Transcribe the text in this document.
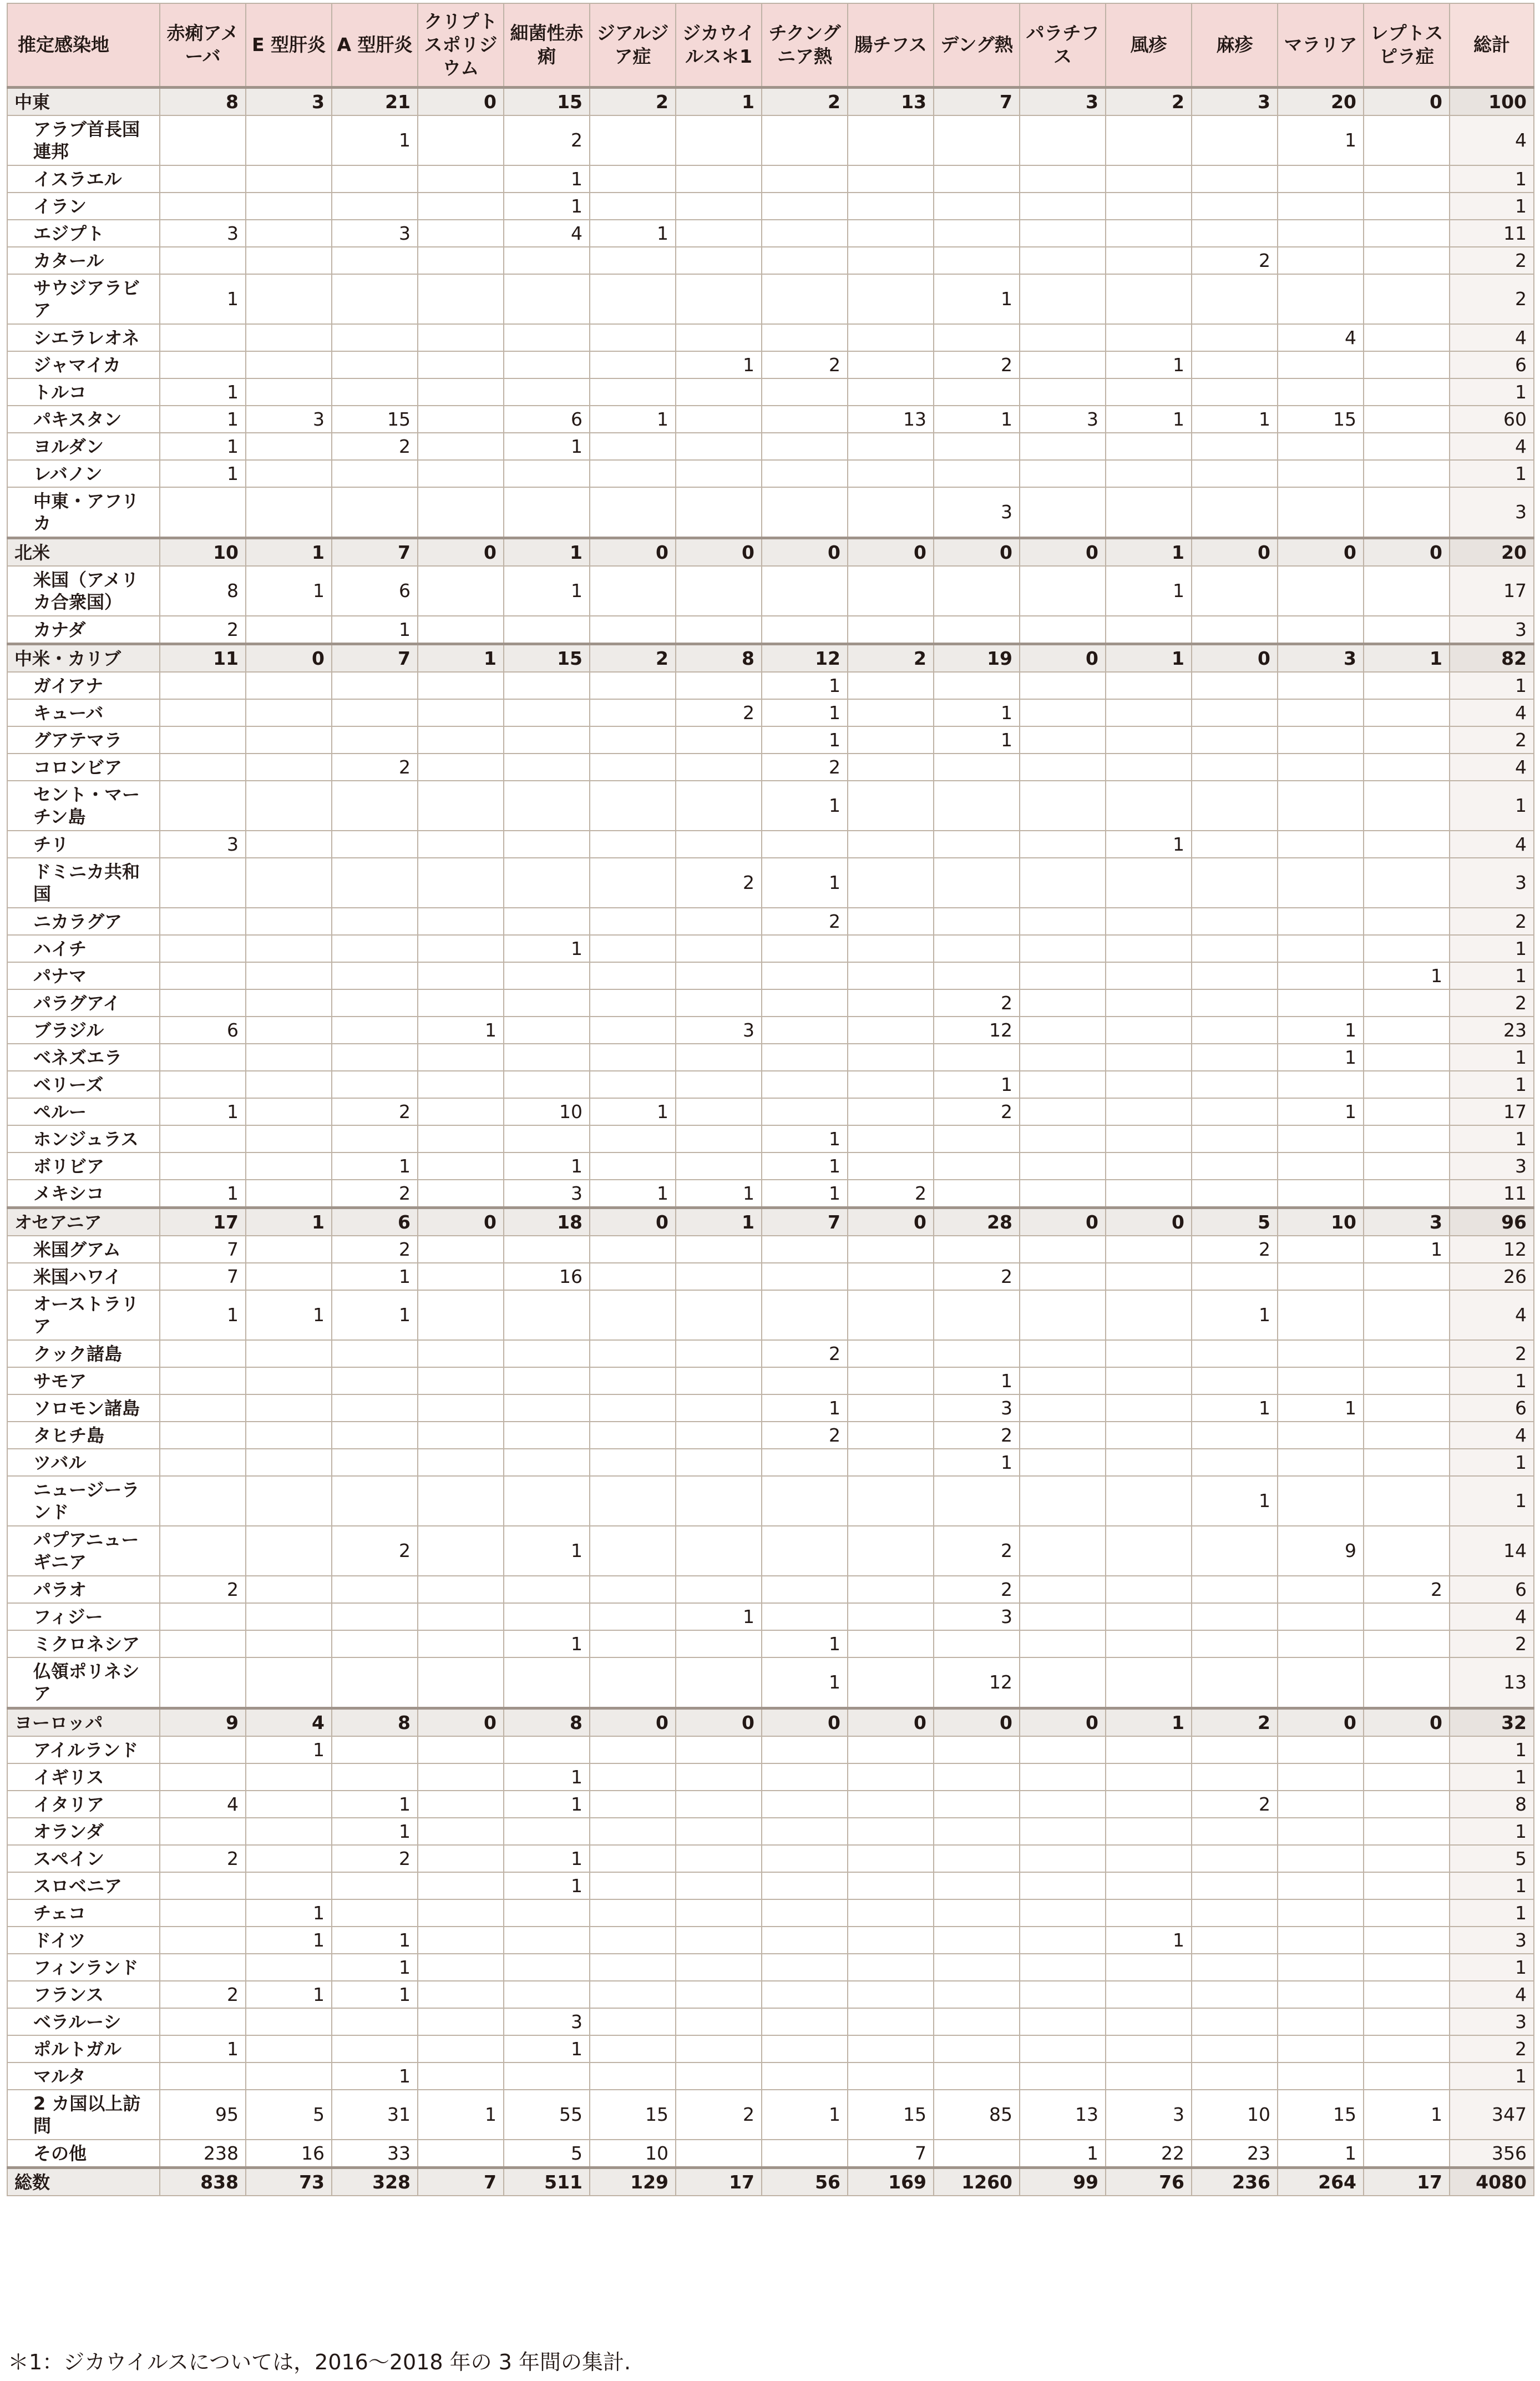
推定感染地	赤痢アメーバ	E 型肝炎	A 型肝炎	クリプトスポリジウム	細菌性赤痢	ジアルジア症	ジカウイルス＊1	チクングニア熱	腸チフス	デング熱	パラチフス	風疹	麻疹	マラリア	レプトスピラ症	総計
中東	8	3	21	0	15	2	1	2	13	7	3	2	3	20	0	100
アラブ首長国連邦			1		2									1		4
イスラエル					1											1
イラン					1											1
エジプト	3		3		4	1										11
カタール													2			2
サウジアラビア	1									1						2
シエラレオネ														4		4
ジャマイカ							1	2		2		1				6
トルコ	1															1
パキスタン	1	3	15		6	1			13	1	3	1	1	15		60
ヨルダン	1		2		1											4
レバノン	1															1
中東・アフリカ										3						3
北米	10	1	7	0	1	0	0	0	0	0	0	1	0	0	0	20
米国（アメリカ合衆国）	8	1	6		1							1				17
カナダ	2		1													3
中米・カリブ	11	0	7	1	15	2	8	12	2	19	0	1	0	3	1	82
ガイアナ								1								1
キューバ							2	1		1						4
グアテマラ								1		1						2
コロンビア			2					2								4
セント・マーチン島								1								1
チリ	3											1				4
ドミニカ共和国							2	1								3
ニカラグア								2								2
ハイチ					1											1
パナマ															1	1
パラグアイ										2						2
ブラジル	6			1			3			12				1		23
ベネズエラ														1		1
ベリーズ										1						1
ペルー	1		2		10	1				2				1		17
ホンジュラス								1								1
ボリビア			1		1			1								3
メキシコ	1		2		3	1	1	1	2							11
オセアニア	17	1	6	0	18	0	1	7	0	28	0	0	5	10	3	96
米国グアム	7		2										2		1	12
米国ハワイ	7		1		16					2						26
オーストラリア	1	1	1										1			4
クック諸島								2								2
サモア										1						1
ソロモン諸島								1		3			1	1		6
タヒチ島								2		2						4
ツバル										1						1
ニュージーランド													1			1
パプアニューギニア			2		1					2				9		14
パラオ	2									2					2	6
フィジー							1			3						4
ミクロネシア					1			1								2
仏領ポリネシア								1		12						13
ヨーロッパ	9	4	8	0	8	0	0	0	0	0	0	1	2	0	0	32
アイルランド		1														1
イギリス					1											1
イタリア	4		1		1								2			8
オランダ			1													1
スペイン	2		2		1											5
スロベニア					1											1
チェコ		1														1
ドイツ		1	1									1				3
フィンランド			1													1
フランス	2	1	1													4
ベラルーシ					3											3
ポルトガル	1				1											2
マルタ			1													1
2 カ国以上訪問	95	5	31	1	55	15	2	1	15	85	13	3	10	15	1	347
その他	238	16	33		5	10			7		1	22	23	1		356
総数	838	73	328	7	511	129	17	56	169	1260	99	76	236	264	17	4080
＊1：ジカウイルスについては，2016～2018 年の 3 年間の集計.
